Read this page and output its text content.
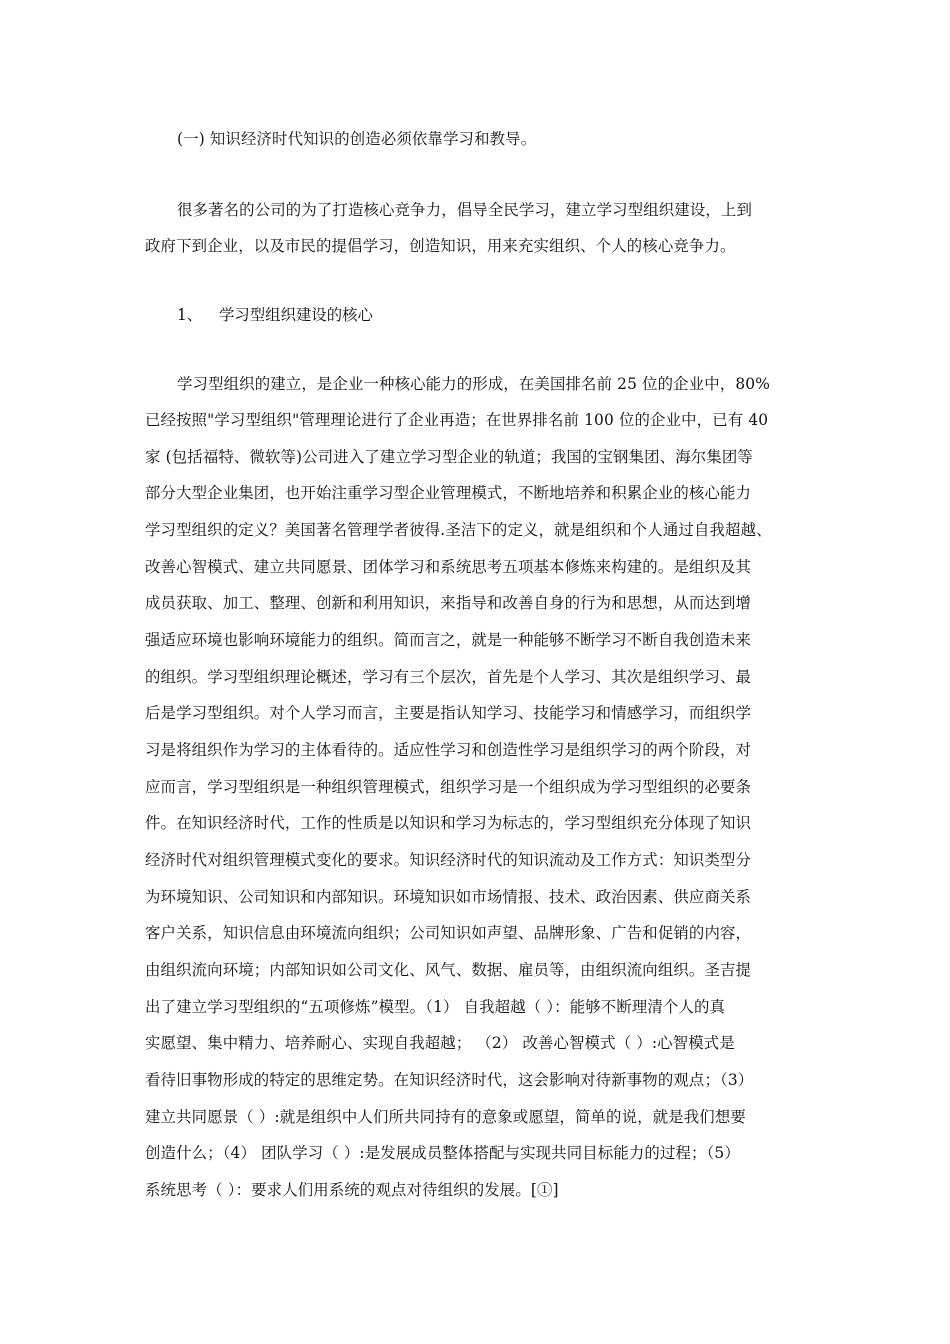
(一) 知识经济时代知识的创造必须依靠学习和教导。
很多著名的公司的为了打造核心竞争力，倡导全民学习，建立学习型组织建设，上到
政府下到企业，以及市民的提倡学习，创造知识，用来充实组织、个人的核心竞争力。
1、 学习型组织建设的核心
学习型组织的建立，是企业一种核心能力的形成，在美国排名前 25 位的企业中，80%
已经按照"学习型组织"管理理论进行了企业再造；在世界排名前 100 位的企业中，已有 40
家 (包括福特、微软等)公司进入了建立学习型企业的轨道；我国的宝钢集团、海尔集团等
部分大型企业集团，也开始注重学习型企业管理模式，不断地培养和积累企业的核心能力
学习型组织的定义？美国著名管理学者彼得.圣洁下的定义，就是组织和个人通过自我超越、
改善心智模式、建立共同愿景、团体学习和系统思考五项基本修炼来构建的。是组织及其
成员获取、加工、整理、创新和利用知识，来指导和改善自身的行为和思想，从而达到增
强适应环境也影响环境能力的组织。简而言之，就是一种能够不断学习不断自我创造未来
的组织。学习型组织理论概述，学习有三个层次，首先是个人学习、其次是组织学习、最
后是学习型组织。对个人学习而言，主要是指认知学习、技能学习和情感学习，而组织学
习是将组织作为学习的主体看待的。适应性学习和创造性学习是组织学习的两个阶段，对
应而言，学习型组织是一种组织管理模式，组织学习是一个组织成为学习型组织的必要条
件。在知识经济时代，工作的性质是以知识和学习为标志的，学习型组织充分体现了知识
经济时代对组织管理模式变化的要求。知识经济时代的知识流动及工作方式：知识类型分
为环境知识、公司知识和内部知识。环境知识如市场情报、技术、政治因素、供应商关系
客户关系，知识信息由环境流向组织；公司知识如声望、品牌形象、广告和促销的内容，
由组织流向环境；内部知识如公司文化、风气、数据、雇员等，由组织流向组织。圣吉提
出了建立学习型组织的“五项修炼”模型。（1） 自我超越（ ）：能够不断理清个人的真
实愿望、集中精力、培养耐心、实现自我超越； （2） 改善心智模式（ ）:心智模式是
看待旧事物形成的特定的思维定势。在知识经济时代，这会影响对待新事物的观点；（3）
建立共同愿景（ ）:就是组织中人们所共同持有的意象或愿望，简单的说，就是我们想要
创造什么；（4） 团队学习（ ）:是发展成员整体搭配与实现共同目标能力的过程；（5）
系统思考（ ）：要求人们用系统的观点对待组织的发展。[①]
